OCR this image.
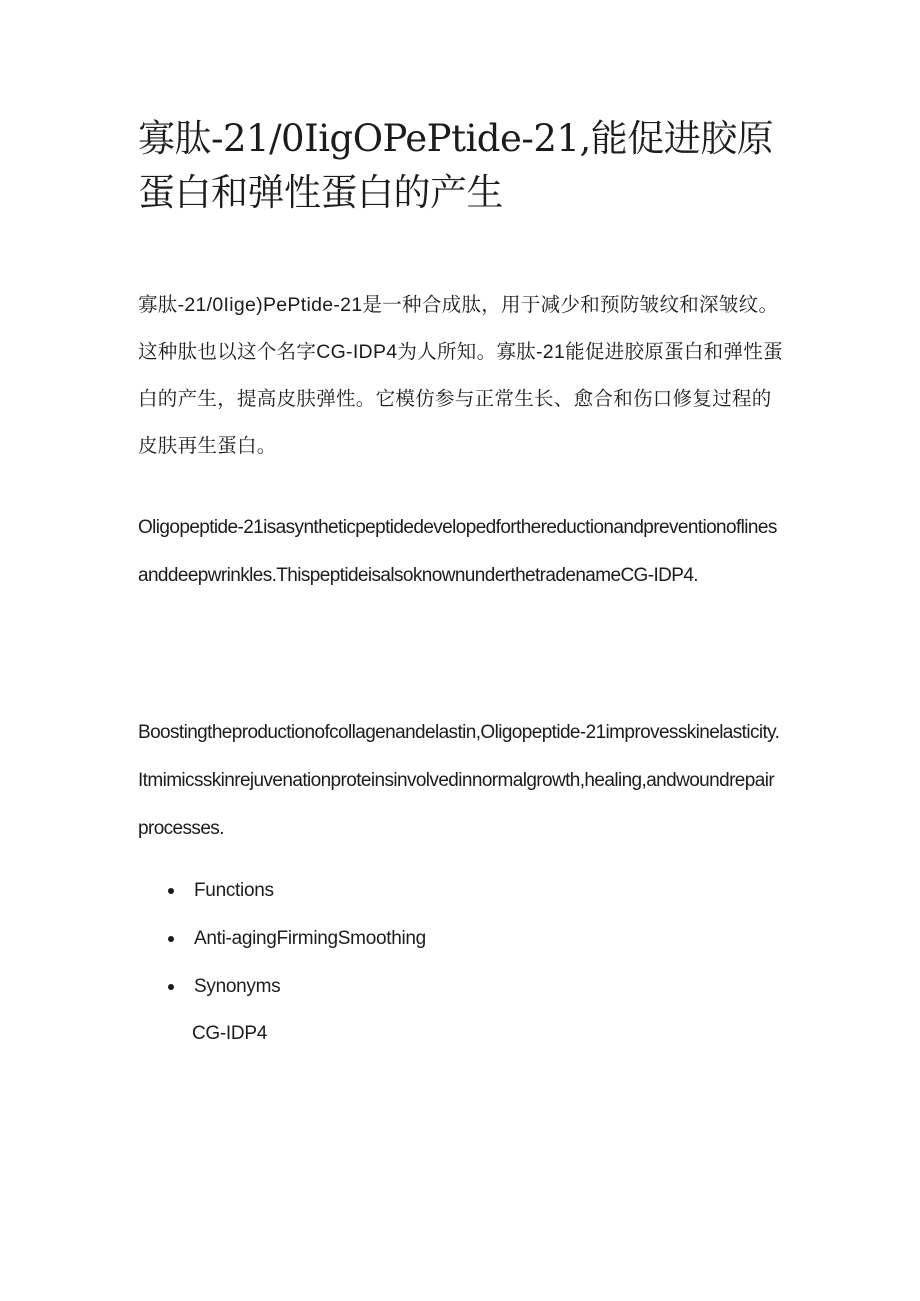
寡肽-21/0IigOPePtide-21,能促进胶原蛋白和弹性蛋白的产生

寡肽-21/0Iige)PePtide-21是一种合成肽，用于减少和预防皱纹和深皱纹。这种肽也以这个名字CG-IDP4为人所知。寡肽-21能促进胶原蛋白和弹性蛋白的产生，提高皮肤弹性。它模仿参与正常生长、愈合和伤口修复过程的皮肤再生蛋白。

Oligopeptide-21isasyntheticpeptidedevelopedforthereductionandpreventionoflinesanddeepwrinkles.ThispeptideisalsoknownunderthetradenameCG-IDP4.

Boostingtheproductionofcollagenandelastin,Oligopeptide-21improvesskinelasticity.Itmimicsskinrejuvenationproteinsinvolvedinnormalgrowth,healing,andwoundrepairprocesses.

Functions
Anti-agingFirmingSmoothing
Synonyms
CG-IDP4
